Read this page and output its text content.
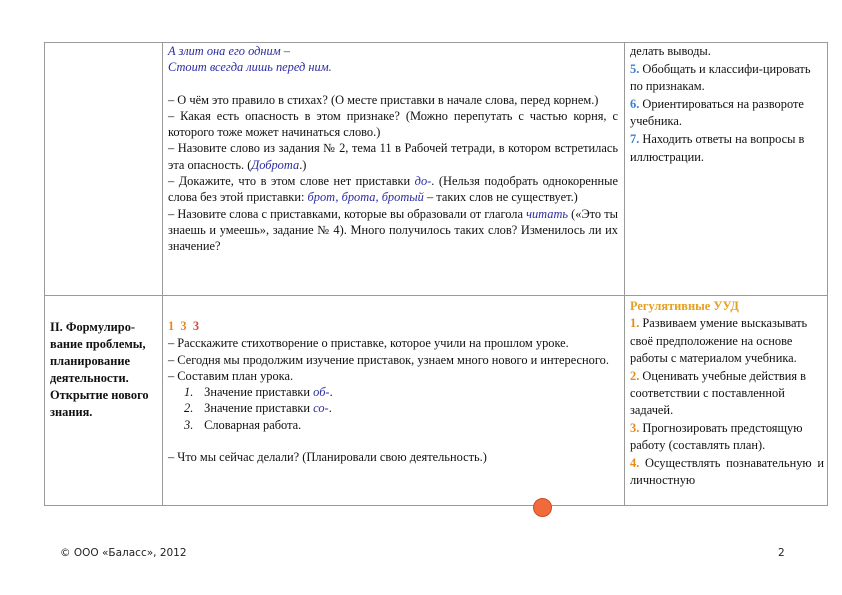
А злит она его одним –

Стоит всегда лишь перед ним.

– О чём это правило в стихах? (О месте приставки в начале слова, перед корнем.)

– Какая есть опасность в этом признаке? (Можно перепутать с частью корня, с которого тоже может начинаться слово.)

– Назовите слово из задания № 2, тема 11 в Рабочей тетради, в котором встретилась эта опасность. (Доброта.)

– Докажите, что в этом слове нет приставки до-. (Нельзя подобрать однокоренные слова без этой приставки: брот, брота, бротый – таких слов не существует.)

– Назовите слова с приставками, которые вы образовали от глагола читать («Это ты знаешь и умеешь», задание № 4). Много получилось таких слов? Изменилось ли их значение?

делать выводы.

5. Обобщать и классифи-цировать по признакам.

6. Ориентироваться на развороте учебника.

7. Находить ответы на вопросы в иллюстрации.

II. Формулиро-вание проблемы, планирование деятельности. Открытие нового знания.

1 3 3

– Расскажите стихотворение о приставке, которое учили на прошлом уроке.

– Сегодня мы продолжим изучение приставок, узнаем много нового и интересного.

– Составим план урока.

1. Значение приставки об-.
2. Значение приставки со-.
3. Словарная работа.

– Что мы сейчас делали? (Планировали свою деятельность.)

Регулятивные УУД

1. Развиваем умение высказывать своё предположение на основе работы с материалом учебника.

2. Оценивать учебные действия в соответствии с поставленной задачей.

3. Прогнозировать предстоящую работу (составлять план).

4. Осуществлять познавательную и личностную

© ООО «Баласс», 2012	2
